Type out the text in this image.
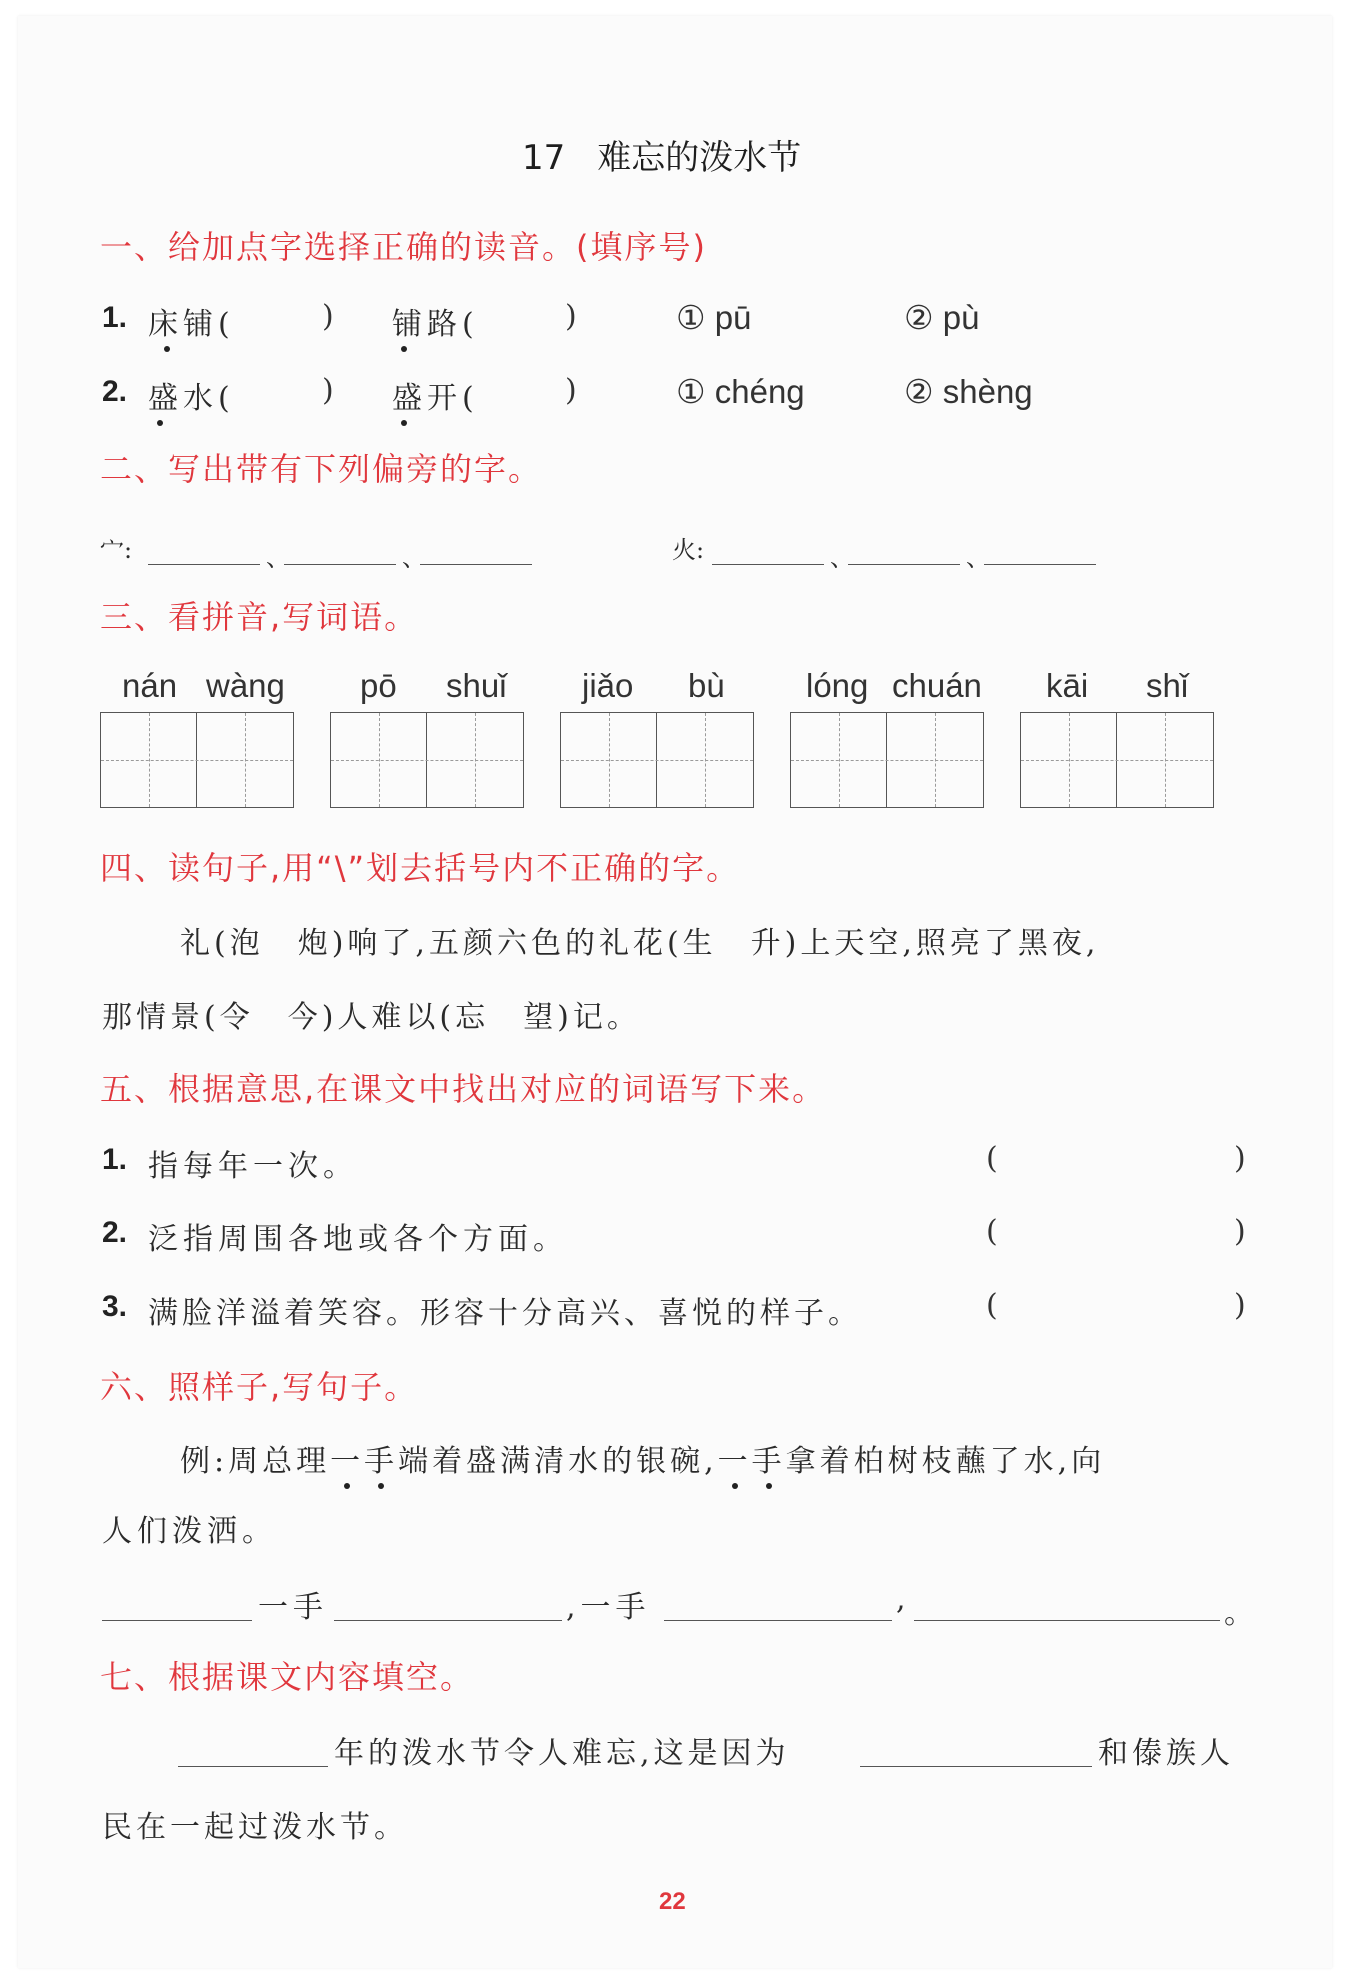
17 难忘的泼水节
一、给加点字选择正确的读音。(填序号)
1. 床铺(	) 铺路(	)	① pū	② pù
2. 盛水(	) 盛开(	)	① chéng	② shèng
二、写出带有下列偏旁的字。
宀:	、	、	火:	、	、
三、看拼音,写词语。
nán wàng pō shuǐ jiǎo bù lóng chuán kāi shǐ
四、读句子,用“\”划去括号内不正确的字。
礼(泡　炮)响了,五颜六色的礼花(生　升)上天空,照亮了黑夜,
那情景(令　今)人难以(忘　望)记。
五、根据意思,在课文中找出对应的词语写下来。
1. 指每年一次。	(	)
2. 泛指周围各地或各个方面。	(	)
3. 满脸洋溢着笑容。形容十分高兴、喜悦的样子。	(	)
六、照样子,写句子。
例:周总理一手
端着盛满清水的银碗,一手
拿着柏树枝蘸了水,向
人们泼洒。
一手	,一手	,	。
七、根据课文内容填空。
年的泼水节令人难忘,这是因为	和傣族人
民在一起过泼水节。
22
